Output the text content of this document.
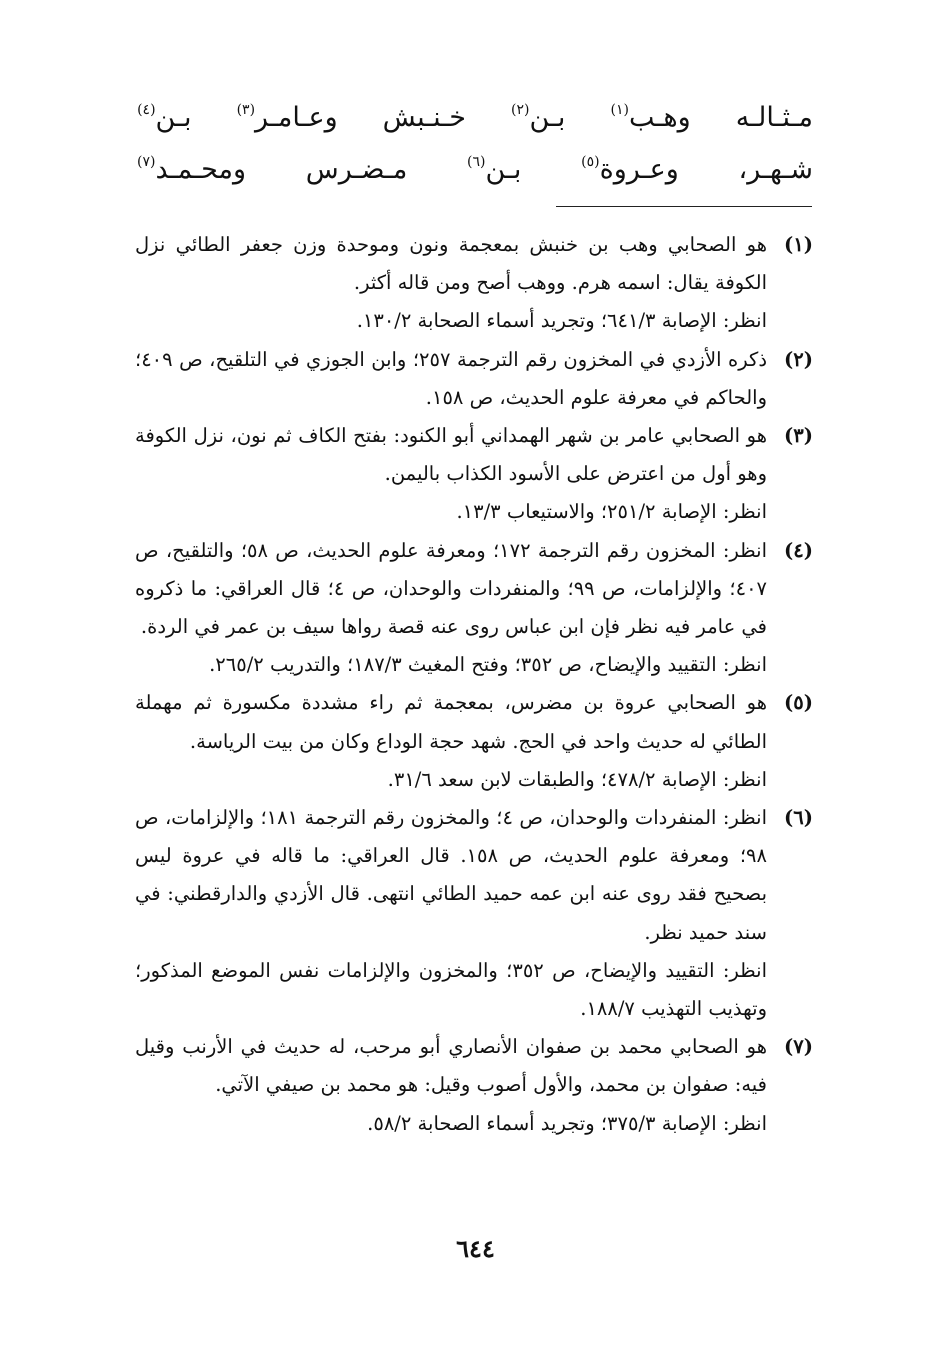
مـثـالـه
وهـب$^{(١)}$
بـن$^{(٢)}$
خـنـبش
وعـامـر$^{(٣)}$
بـن$^{(٤)}$
شـهـر،
وعـروة$^{(٥)}$
بـن$^{(٦)}$
مـضـرس
ومحـمـد$^{(٧)}$
(١)

هو الصحابي وهب بن خنبش بمعجمة ونون وموحدة وزن جعفر الطائي نزل الكوفة يقال: اسمه هرم. ووهب أصح ومن قاله أكثر.

انظر: الإصابة ٦٤١/٣؛ وتجريد أسماء الصحابة ١٣٠/٢.

(٢)

ذكره الأزدي في المخزون رقم الترجمة ٢٥٧؛ وابن الجوزي في التلقيح، ص ٤٠٩؛ والحاكم في معرفة علوم الحديث، ص ١٥٨.

(٣)

هو الصحابي عامر بن شهر الهمداني أبو الكنود: بفتح الكاف ثم نون، نزل الكوفة وهو أول من اعترض على الأسود الكذاب باليمن.

انظر: الإصابة ٢٥١/٢؛ والاستيعاب ١٣/٣.

(٤)

انظر: المخزون رقم الترجمة ١٧٢؛ ومعرفة علوم الحديث، ص ٥٨؛ والتلقيح، ص ٤٠٧؛ والإلزامات، ص ٩٩؛ والمنفردات والوحدان، ص ٤؛ قال العراقي: ما ذكروه في عامر فيه نظر فإن ابن عباس روى عنه قصة رواها سيف بن عمر في الردة.

انظر: التقييد والإيضاح، ص ٣٥٢؛ وفتح المغيث ١٨٧/٣؛ والتدريب ٢٦٥/٢.

(٥)

هو الصحابي عروة بن مضرس، بمعجمة ثم راء مشددة مكسورة ثم مهملة الطائي له حديث واحد في الحج. شهد حجة الوداع وكان من بيت الرياسة.

انظر: الإصابة ٤٧٨/٢؛ والطبقات لابن سعد ٣١/٦.

(٦)

انظر: المنفردات والوحدان، ص ٤؛ والمخزون رقم الترجمة ١٨١؛ والإلزامات، ص ٩٨؛ ومعرفة علوم الحديث، ص ١٥٨. قال العراقي: ما قاله في عروة ليس بصحيح فقد روى عنه ابن عمه حميد الطائي انتهى. قال الأزدي والدارقطني: في سند حميد نظر.

انظر: التقييد والإيضاح، ص ٣٥٢؛ والمخزون والإلزامات نفس الموضع المذكور؛ وتهذيب التهذيب ١٨٨/٧.

(٧)

هو الصحابي محمد بن صفوان الأنصاري أبو مرحب، له حديث في الأرنب وقيل فيه: صفوان بن محمد، والأول أصوب وقيل: هو محمد بن صيفي الآتي.

انظر: الإصابة ٣٧٥/٣؛ وتجريد أسماء الصحابة ٥٨/٢.

٦٤٤
